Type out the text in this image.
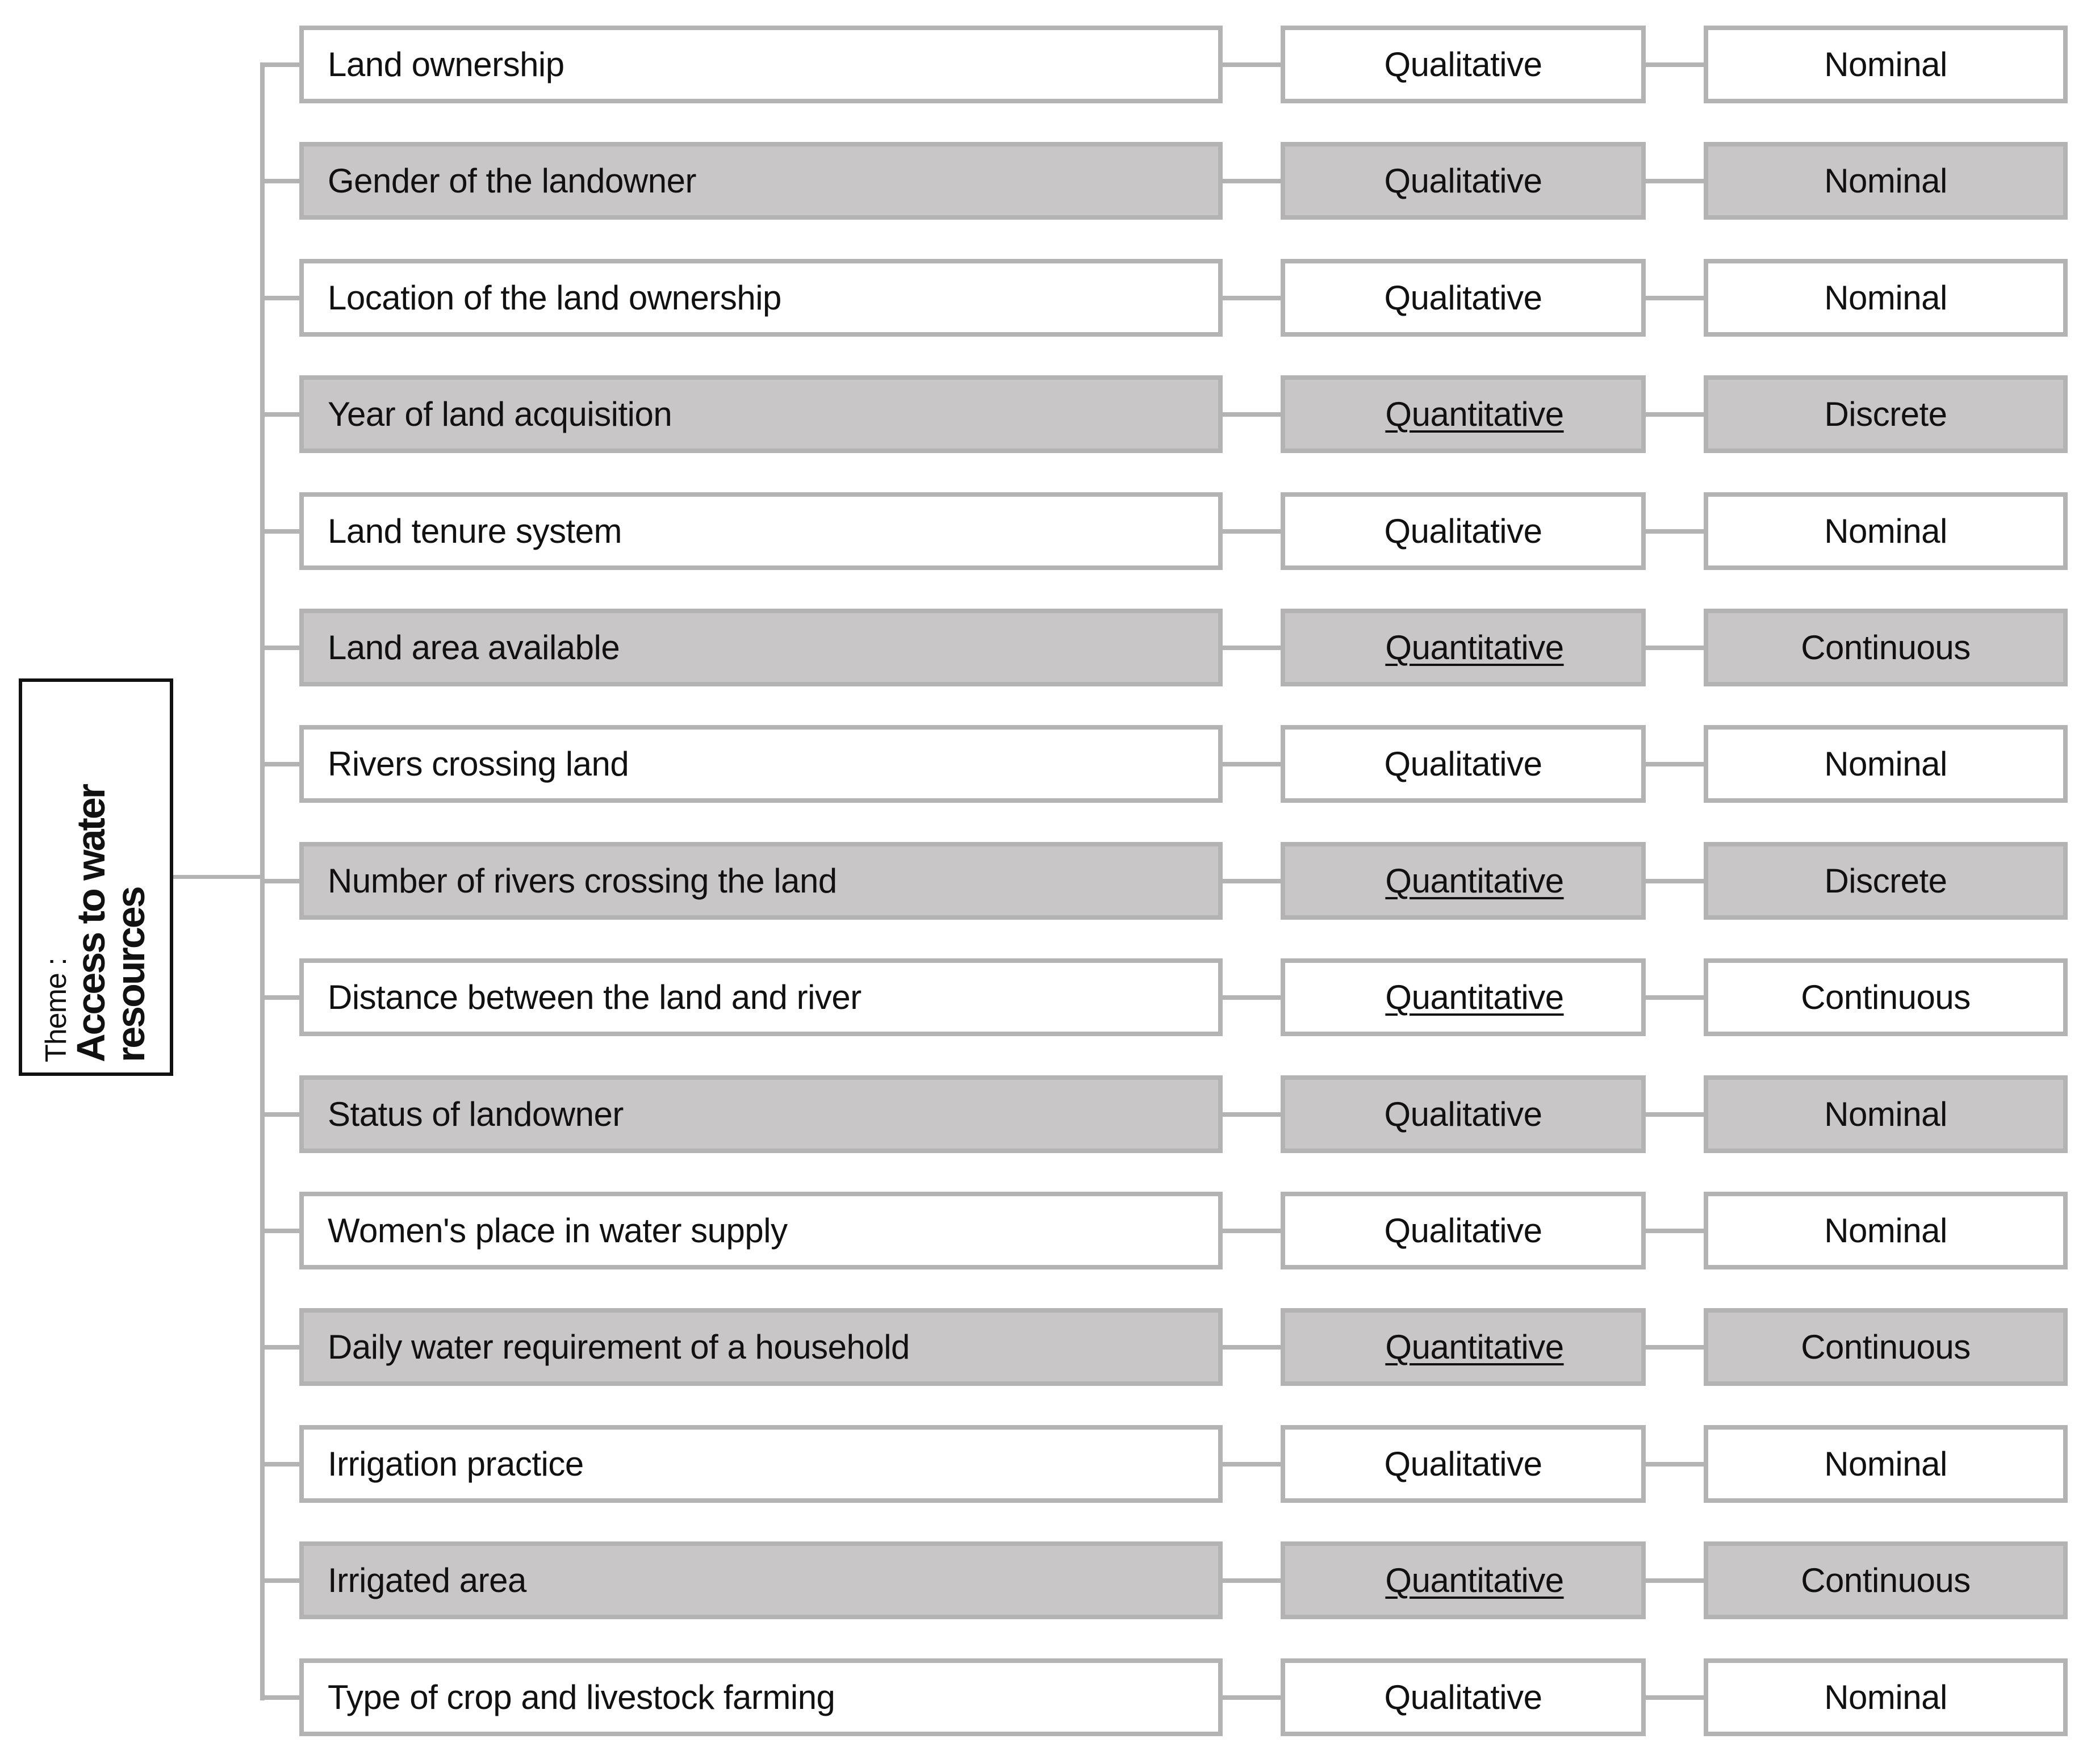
Theme :
Access to water resources
Land ownership	Qualitative	Nominal
Gender of the landowner	Qualitative	Nominal
Location of the land ownership	Qualitative	Nominal
Year of land acquisition	Quantitative	Discrete
Land tenure system	Qualitative	Nominal
Land area available	Quantitative	Continuous
Rivers crossing land	Qualitative	Nominal
Number of rivers crossing the land	Quantitative	Discrete
Distance between the land and river	Quantitative	Continuous
Status of landowner	Qualitative	Nominal
Women's place in water supply	Qualitative	Nominal
Daily water requirement of a household	Quantitative	Continuous
Irrigation practice	Qualitative	Nominal
Irrigated area	Quantitative	Continuous
Type of crop and livestock farming	Qualitative	Nominal
